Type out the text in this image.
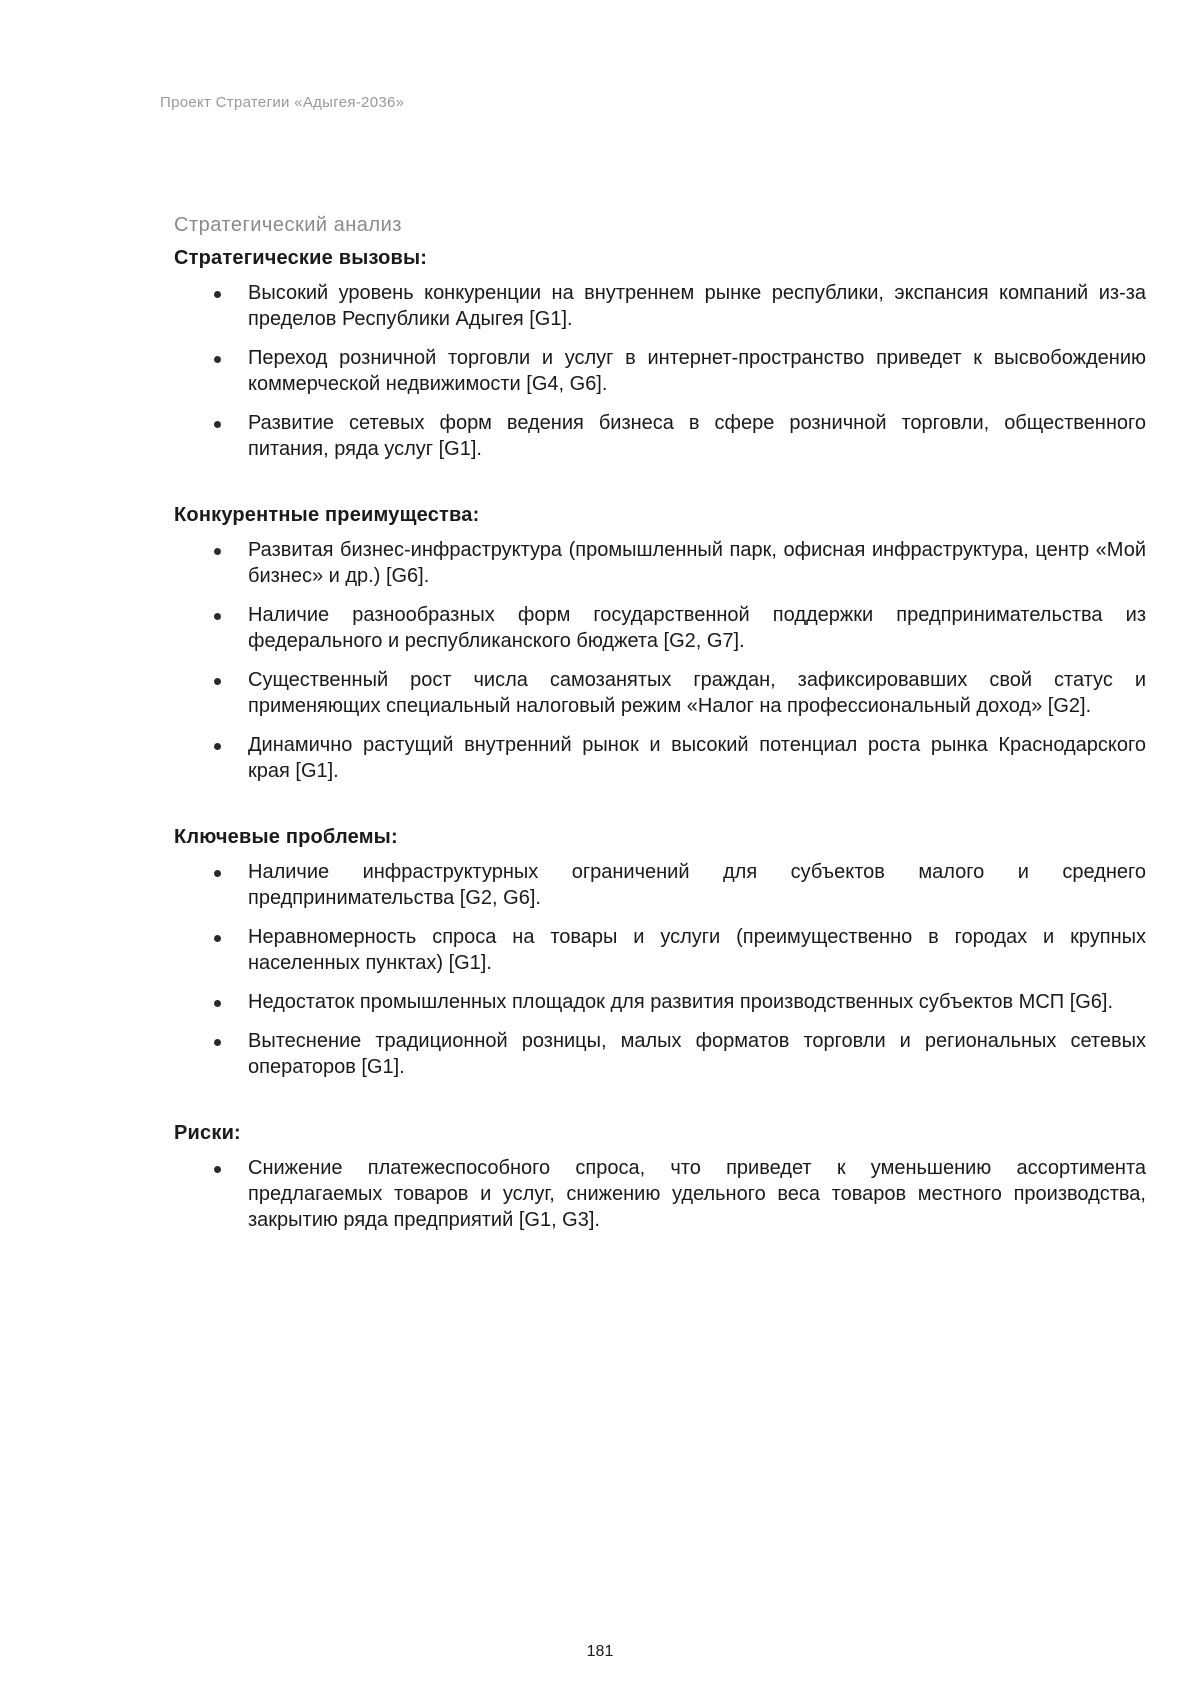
Проект Стратегии «Адыгея-2036»
Стратегический анализ
Стратегические вызовы:
Высокий уровень конкуренции на внутреннем рынке республики, экспансия компаний из-за пределов Республики Адыгея [G1].
Переход розничной торговли и услуг в интернет-пространство приведет к высвобождению коммерческой недвижимости [G4, G6].
Развитие сетевых форм ведения бизнеса в сфере розничной торговли, общественного питания, ряда услуг [G1].
Конкурентные преимущества:
Развитая бизнес-инфраструктура (промышленный парк, офисная инфраструктура, центр «Мой бизнес» и др.) [G6].
Наличие разнообразных форм государственной поддержки предпринимательства из федерального и республиканского бюджета [G2, G7].
Существенный рост числа самозанятых граждан, зафиксировавших свой статус и применяющих специальный налоговый режим «Налог на профессиональный доход» [G2].
Динамично растущий внутренний рынок и высокий потенциал роста рынка Краснодарского края [G1].
Ключевые проблемы:
Наличие инфраструктурных ограничений для субъектов малого и среднего предпринимательства [G2, G6].
Неравномерность спроса на товары и услуги (преимущественно в городах и крупных населенных пунктах) [G1].
Недостаток промышленных площадок для развития производственных субъектов МСП [G6].
Вытеснение традиционной розницы, малых форматов торговли и региональных сетевых операторов [G1].
Риски:
Снижение платежеспособного спроса, что приведет к уменьшению ассортимента предлагаемых товаров и услуг, снижению удельного веса товаров местного производства, закрытию ряда предприятий [G1, G3].
181
